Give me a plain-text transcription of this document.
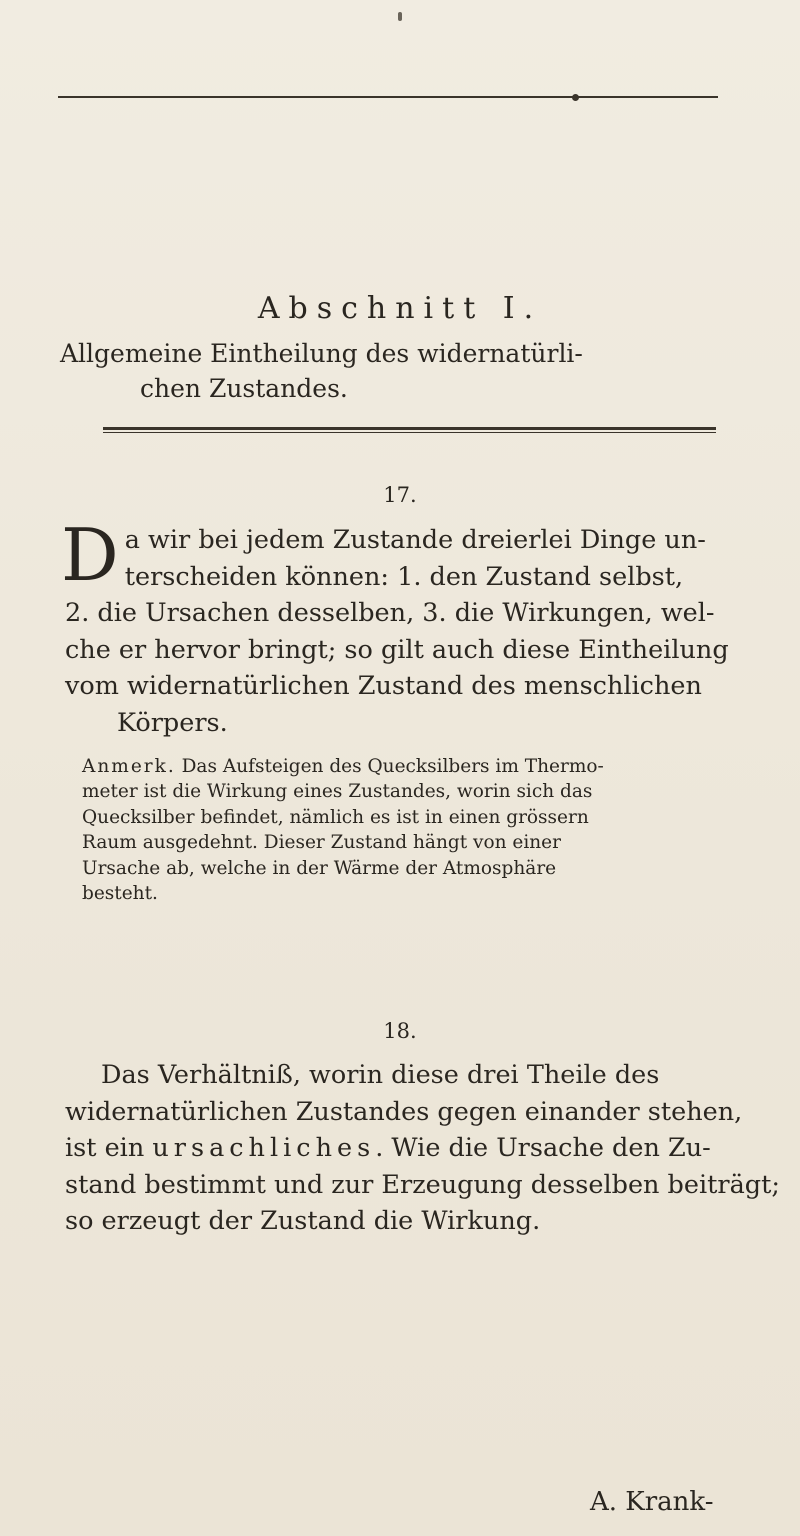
Abschnitt I.
Allgemeine Eintheilung des widernatürli-
chen Zustandes.
17.
D a wir bei jedem Zustande dreierlei Dinge un-
terscheiden können: 1. den Zustand selbst,
2. die Ursachen desselben, 3. die Wirkungen, wel-
che er hervor bringt; so gilt auch diese Eintheilung
vom widernatürlichen Zustand des menschlichen
Körpers.
Anmerk. Das Aufsteigen des Quecksilbers im Thermo-
meter ist die Wirkung eines Zustandes, worin sich das
Quecksilber befindet, nämlich es ist in einen grössern
Raum ausgedehnt. Dieser Zustand hängt von einer
Ursache ab, welche in der Wärme der Atmosphäre
besteht.
18.
Das Verhältniß, worin diese drei Theile des
widernatürlichen Zustandes gegen einander stehen,
ist ein ursachliches. Wie die Ursache den Zu-
stand bestimmt und zur Erzeugung desselben beiträgt;
so erzeugt der Zustand die Wirkung.
A. Krank-
